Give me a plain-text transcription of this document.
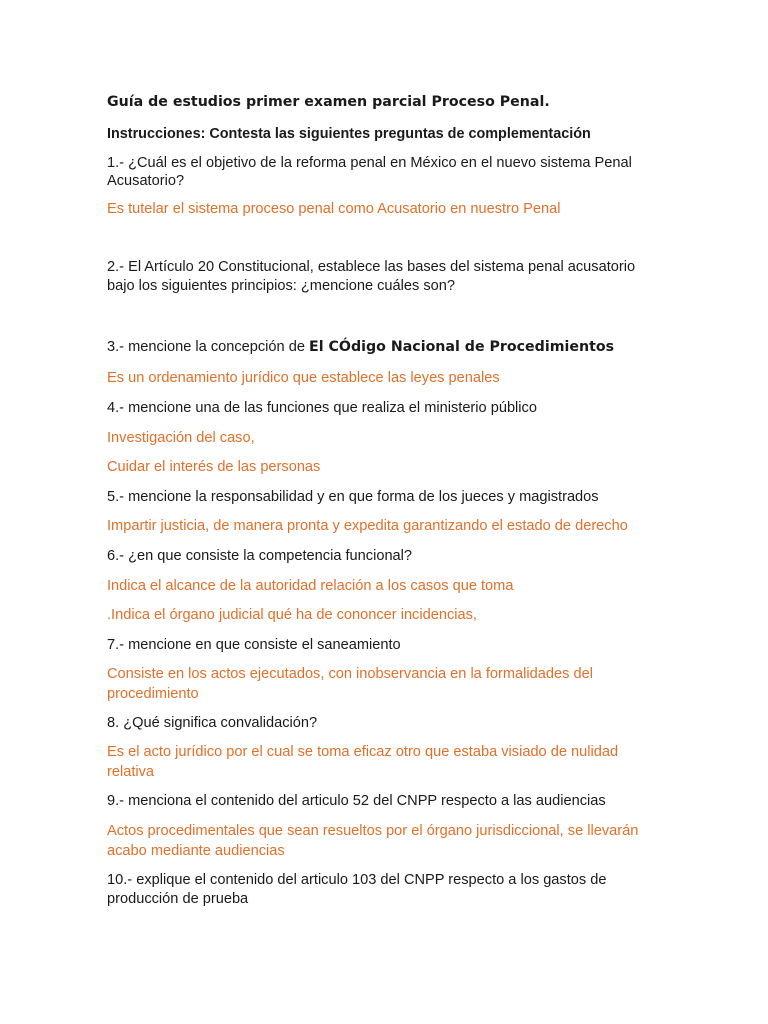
Guía de estudios primer examen parcial Proceso Penal.
Instrucciones: Contesta las siguientes preguntas de complementación
1.- ¿Cuál es el objetivo de la reforma penal en México en el nuevo sistema Penal
Acusatorio?
Es tutelar el sistema proceso penal como Acusatorio en nuestro Penal
2.- El Artículo 20 Constitucional, establece las bases del sistema penal acusatorio
bajo los siguientes principios: ¿mencione cuáles son?
3.- mencione la concepción de El CÓdigo Nacional de Procedimientos
Es un ordenamiento jurídico que establece las leyes penales
4.- mencione una de las funciones que realiza el ministerio público
Investigación del caso,
Cuidar el interés de las personas
5.- mencione la responsabilidad y en que forma de los jueces y magistrados
Impartir justicia, de manera pronta y expedita garantizando el estado de derecho
6.- ¿en que consiste la competencia funcional?
Indica el alcance de la autoridad relación a los casos que toma
.Indica el órgano judicial qué ha de cononcer incidencias,
7.- mencione en que consiste el saneamiento
Consiste en los actos ejecutados, con inobservancia en la formalidades del
procedimiento
8. ¿Qué significa convalidación?
Es el acto jurídico por el cual se toma eficaz otro que estaba visiado de nulidad
relativa
9.- menciona el contenido del articulo 52 del CNPP respecto a las audiencias
Actos procedimentales que sean resueltos por el órgano jurisdiccional, se llevarán
acabo mediante audiencias
10.- explique el contenido del articulo 103 del CNPP respecto a los gastos de
producción de prueba
